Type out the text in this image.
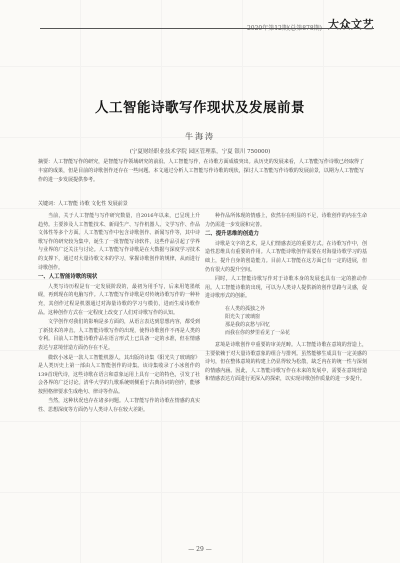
2020年第12期(总第878期) 大众文艺
人工智能诗歌写作现状及发展前景
牛海涛
(宁夏财经职业技术学院 园区管理系，宁夏 银川 750000)
摘要：人工智能写作的研究，是智能写作领域研究的前沿。人工智能写作，在诗歌方面成绩突出。从历史的发展来看，人工智能写作诗歌已经取得了丰富的成果，但是目前的诗歌创作还存在一些问题。本文通过分析人工智能写作诗歌的现状，探讨人工智能写作诗歌的发展前景，以期为人工智能写作的进一步发展提供参考。
关键词：人工智能 诗歌 文化性 发展前景

当前，关于人工智能与写作研究数量，自2016年以来，已呈现上升趋势。主要涉及人工智能技术、新闻生产、写作机器人、文学写作、作品文体性等多个方面。人工智能写作中包含诗歌创作、新闻写作等，其中诗歌写作的研究较为集中，诞生了一批智能写诗软件，这些作品引起了学界与业界的广泛关注与讨论。人工智能写作诗歌是在大数据与深度学习技术的支撑下，通过对大量诗歌文本的学习，掌握诗歌创作的规律，从而进行诗歌创作。

一、人工智能诗歌的现状

人类写诗历程是有一定发展阶段的，最初为用手写，后来用笔墨纸砚，再到现在的电脑写作。人工智能写作诗歌是对传统诗歌写作的一种补充，其创作过程是机器通过对海量诗歌的学习与模仿，进而生成诗歌作品。这种创作方式在一定程度上改变了人们对诗歌写作的认知。

文学创作对我们的影响是多方面的，从语言表达到思想内容，都受到了新技术的冲击。人工智能诗歌写作的出现，使得诗歌创作不再是人类的专利。目前人工智能诗歌作品在语言形式上已具备一定的水准，但在情感表达与意境营造方面仍存在不足。

微软小冰是一款人工智能机器人，其出版的诗集《阳光失了玻璃窗》是人类历史上第一部由人工智能创作的诗集。该诗集收录了小冰创作的139首现代诗，这些诗歌在语言和意象运用上具有一定的特色，引发了社会各界的广泛讨论。清华大学的九歌系统则侧重于古典诗词的创作，能够按照格律要求生成绝句、律诗等作品。

当然，这种状况也存在诸多问题。人工智能写作的诗歌在情感的真实性、思想深度等方面仍与人类诗人存在较大差距。

种作品所体现的情感上，依然存在明显的不足，诗歌创作的内在生命力仍需进一步发展和完善。

二、提升思维的创造力

诗歌是文字的艺术，是人们情感表达的重要方式。在诗歌写作中，创造性思维具有重要的作用。人工智能诗歌创作需要在对海量诗歌学习的基础上，提升自身的创造能力。目前人工智能在这方面已有一定的进展，但仍有很大的提升空间。

同时，人工智能诗歌写作对于诗歌本身的发展也具有一定的推动作用。人工智能诗歌的出现，可以为人类诗人提供新的创作思路与灵感，促进诗歌形式的创新。

在人类的孤独之外
阳光失了玻璃窗
那是我的哀愁与回忆
而我在你的梦里看见了一朵花

意境是诗歌创作中重要的审美范畴。人工智能诗歌在意境的营造上，主要依赖于对大量诗歌意象的组合与排列。虽然能够生成具有一定美感的诗句，但在整体意境的构建上仍显得较为松散，缺乏内在的统一性与深刻的情感内涵。因此，人工智能诗歌写作在未来的发展中，需要在意境营造和情感表达方面进行更深入的探索，以实现诗歌创作质量的进一步提升。

— 29 —
